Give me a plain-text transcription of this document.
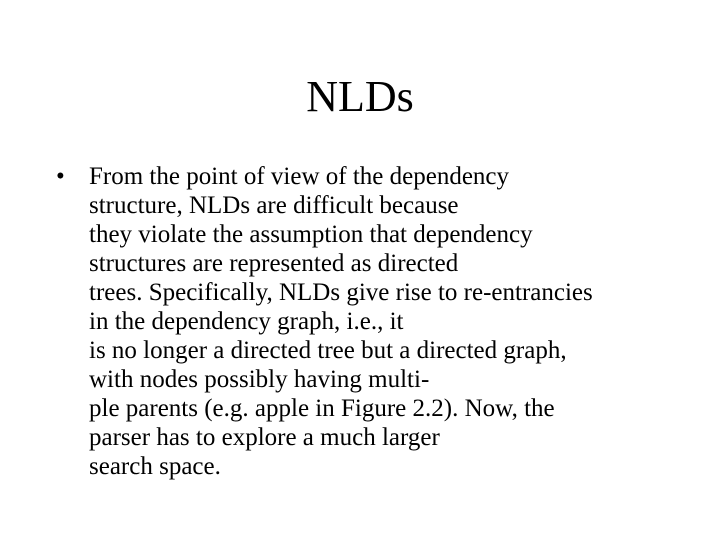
NLDs
• From the point of view of the dependency
structure, NLDs are difficult because
they violate the assumption that dependency
structures are represented as directed
trees. Specifically, NLDs give rise to re-entrancies
in the dependency graph, i.e., it
is no longer a directed tree but a directed graph,
with nodes possibly having multi-
ple parents (e.g. apple in Figure 2.2). Now, the
parser has to explore a much larger
search space.
